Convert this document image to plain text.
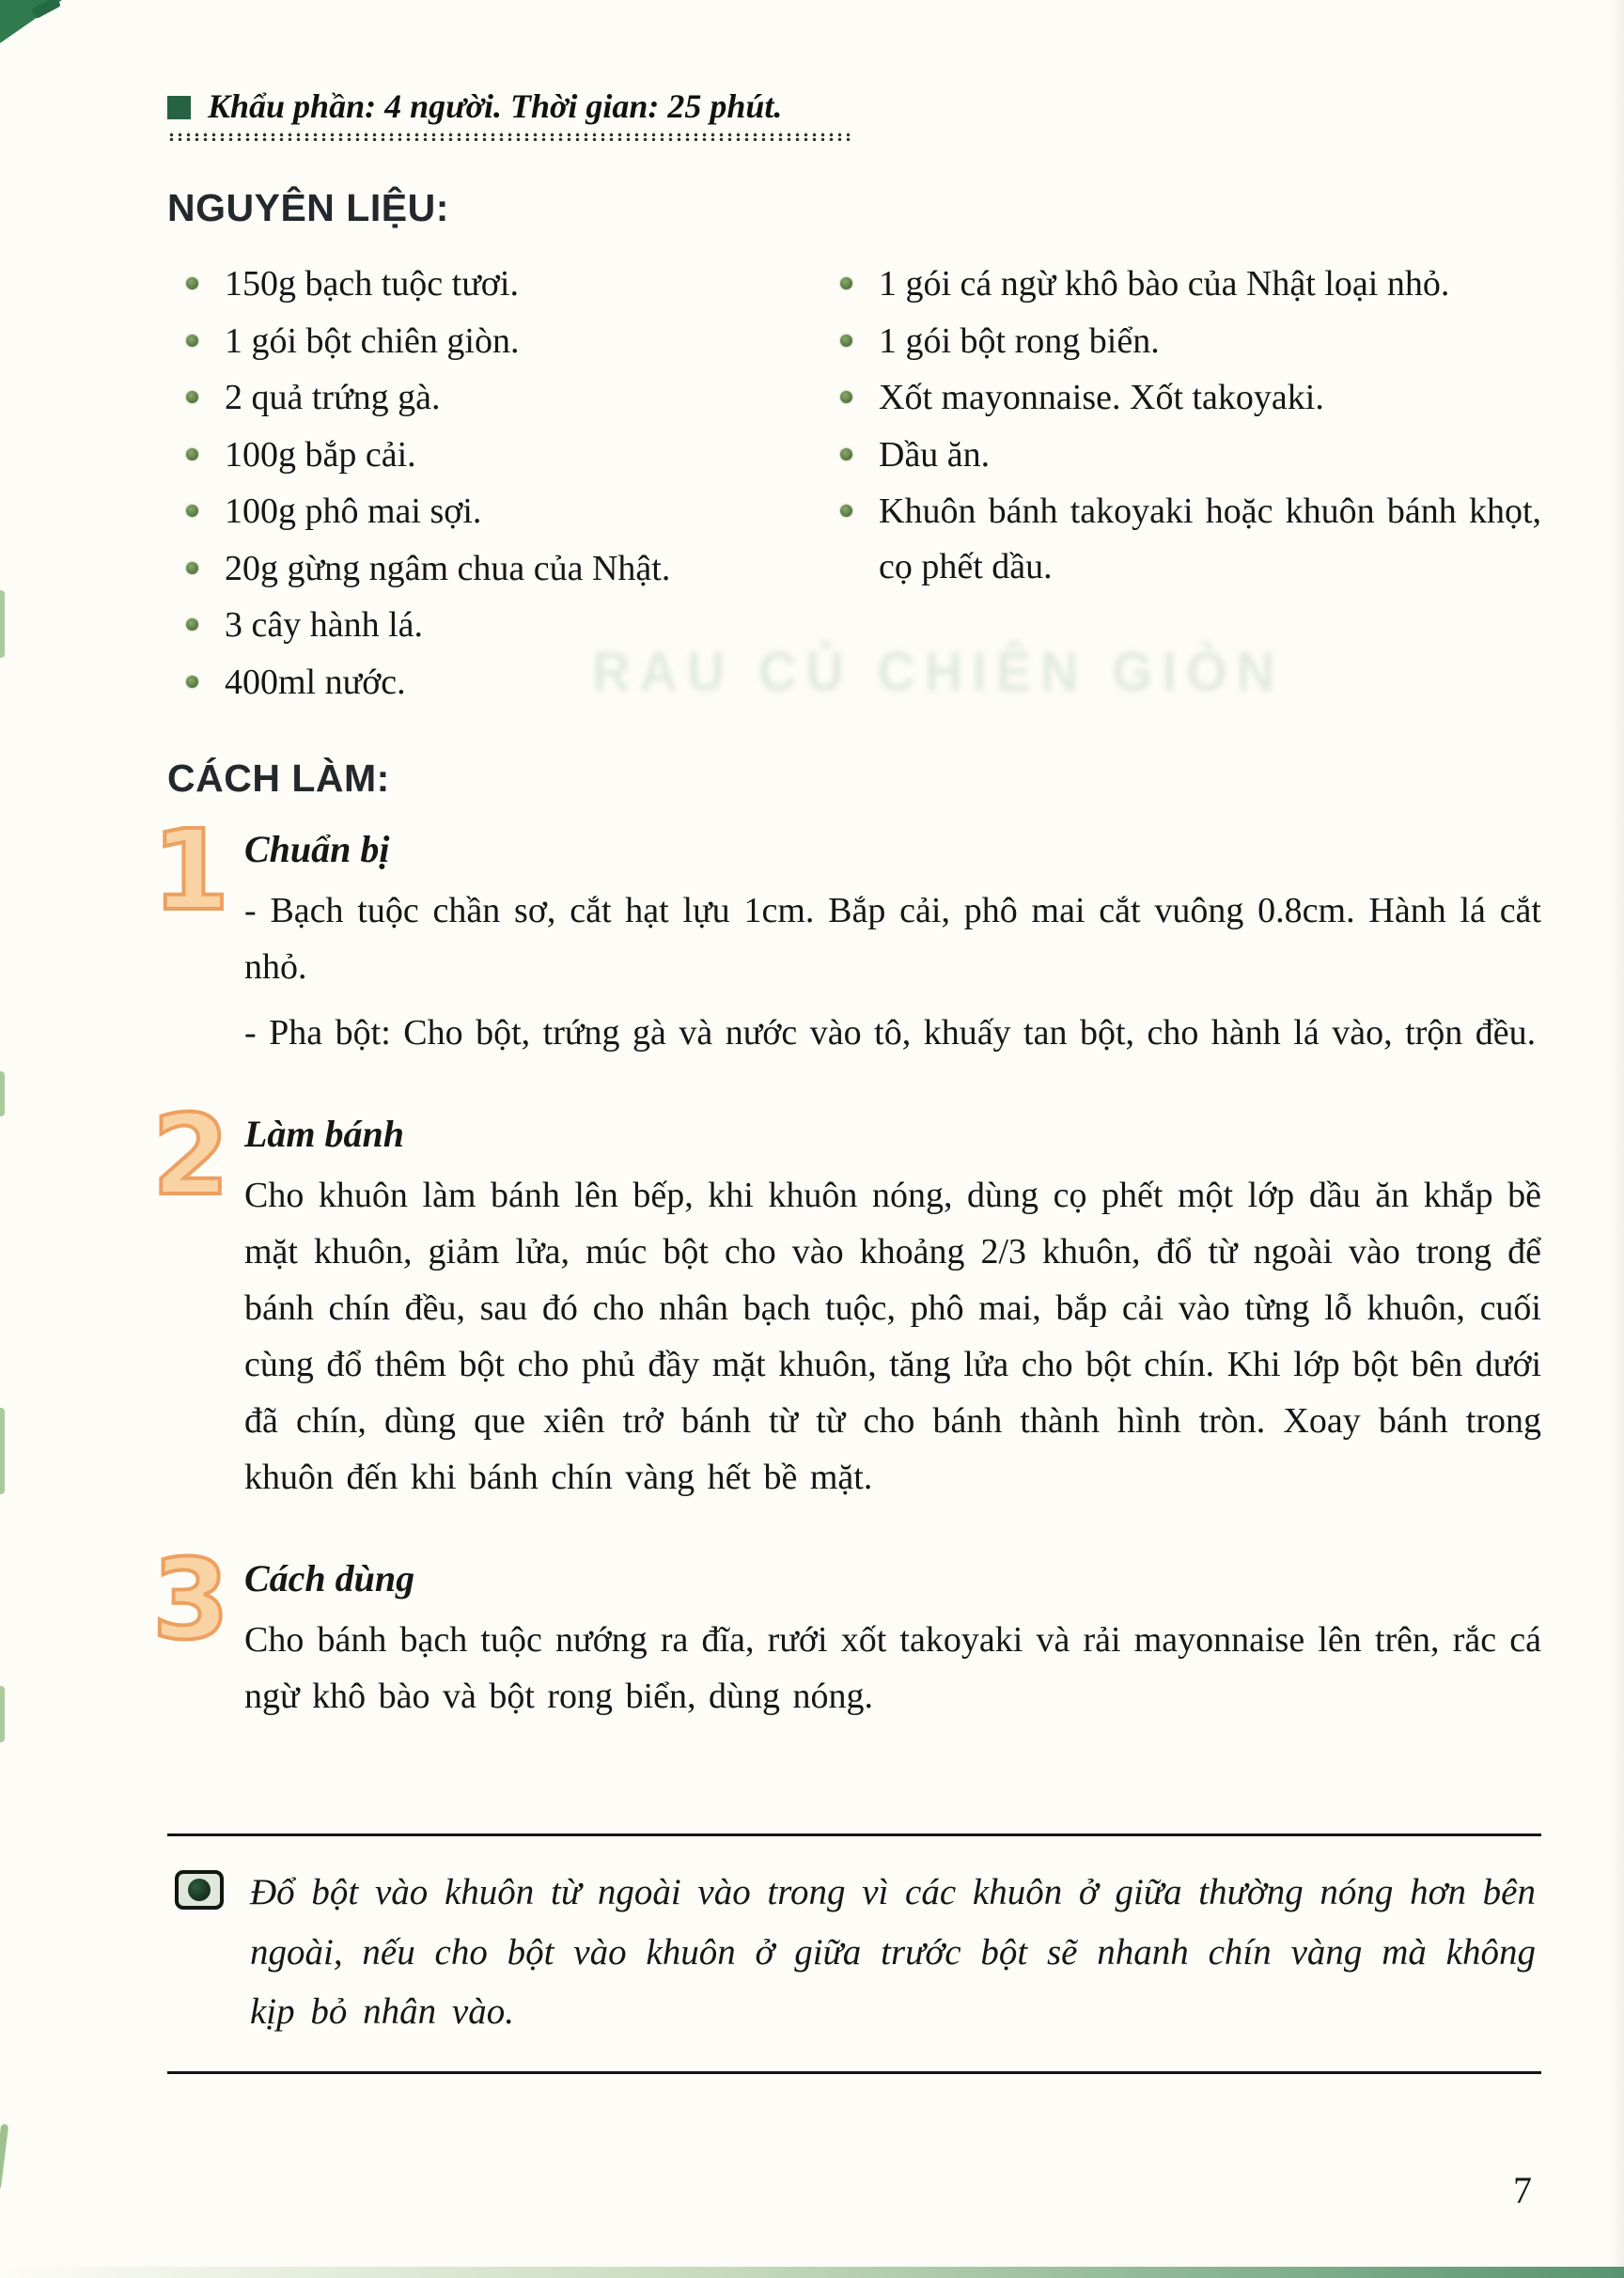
RAU CỦ CHIÊN GIÒN
Khẩu phần: 4 người. Thời gian: 25 phút.
NGUYÊN LIỆU:
150g bạch tuộc tươi.
1 gói bột chiên giòn.
2 quả trứng gà.
100g bắp cải.
100g phô mai sợi.
20g gừng ngâm chua của Nhật.
3 cây hành lá.
400ml nước.
1 gói cá ngừ khô bào của Nhật loại nhỏ.
1 gói bột rong biển.
Xốt mayonnaise. Xốt takoyaki.
Dầu ăn.
Khuôn bánh takoyaki hoặc khuôn bánh khọt, cọ phết dầu.
CÁCH LÀM:
1 Chuẩn bị

- Bạch tuộc chần sơ, cắt hạt lựu 1cm. Bắp cải, phô mai cắt vuông 0.8cm. Hành lá cắt nhỏ.

- Pha bột: Cho bột, trứng gà và nước vào tô, khuấy tan bột, cho hành lá vào, trộn đều.

2 Làm bánh

Cho khuôn làm bánh lên bếp, khi khuôn nóng, dùng cọ phết một lớp dầu ăn khắp bề mặt khuôn, giảm lửa, múc bột cho vào khoảng 2/3 khuôn, đổ từ ngoài vào trong để bánh chín đều, sau đó cho nhân bạch tuộc, phô mai, bắp cải vào từng lỗ khuôn, cuối cùng đổ thêm bột cho phủ đầy mặt khuôn, tăng lửa cho bột chín. Khi lớp bột bên dưới đã chín, dùng que xiên trở bánh từ từ cho bánh thành hình tròn. Xoay bánh trong khuôn đến khi bánh chín vàng hết bề mặt.

3 Cách dùng

Cho bánh bạch tuộc nướng ra đĩa, rưới xốt takoyaki và rải mayonnaise lên trên, rắc cá ngừ khô bào và bột rong biển, dùng nóng.

Đổ bột vào khuôn từ ngoài vào trong vì các khuôn ở giữa thường nóng hơn bên ngoài, nếu cho bột vào khuôn ở giữa trước bột sẽ nhanh chín vàng mà không kịp bỏ nhân vào.
7
